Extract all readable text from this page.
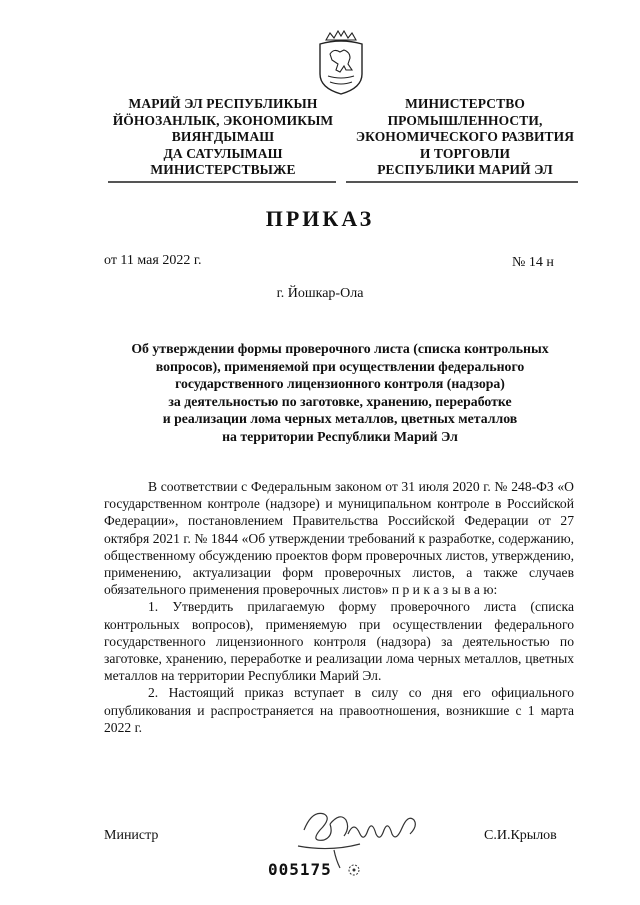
МАРИЙ ЭЛ РЕСПУБЛИКЫН
ЙÖНОЗАНЛЫК, ЭКОНОМИКЫМ
ВИЯҤДЫМАШ
ДА САТУЛЫМАШ
МИНИСТЕРСТВЫЖЕ
МИНИСТЕРСТВО
ПРОМЫШЛЕННОСТИ,
ЭКОНОМИЧЕСКОГО РАЗВИТИЯ
И ТОРГОВЛИ
РЕСПУБЛИКИ МАРИЙ ЭЛ
ПРИКАЗ
от 11 мая 2022 г.	№ 14 н
г. Йошкар-Ола
Об утверждении формы проверочного листа (списка контрольных
вопросов), применяемой при осуществлении федерального
государственного лицензионного контроля (надзора)
за деятельностью по заготовке, хранению, переработке
и реализации лома черных металлов, цветных металлов
на территории Республики Марий Эл

В соответствии с Федеральным законом от 31 июля 2020 г. № 248-ФЗ «О государственном контроле (надзоре) и муниципальном контроле в Российской Федерации», постановлением Правительства Российской Федерации от 27 октября 2021 г. № 1844 «Об утверждении требований к разработке, содержанию, общественному обсуждению проектов форм проверочных листов, утверждению, применению, актуализации форм проверочных листов, а также случаев обязательного применения проверочных листов» п р и к а з ы в а ю:

1. Утвердить прилагаемую форму проверочного листа (списка контрольных вопросов), применяемую при осуществлении федерального государственного лицензионного контроля (надзора) за деятельностью по заготовке, хранению, переработке и реализации лома черных металлов, цветных металлов на территории Республики Марий Эл.

2. Настоящий приказ вступает в силу со дня его официального опубликования и распространяется на правоотношения, возникшие с 1 марта 2022 г.

Министр	С.И.Крылов
005175
